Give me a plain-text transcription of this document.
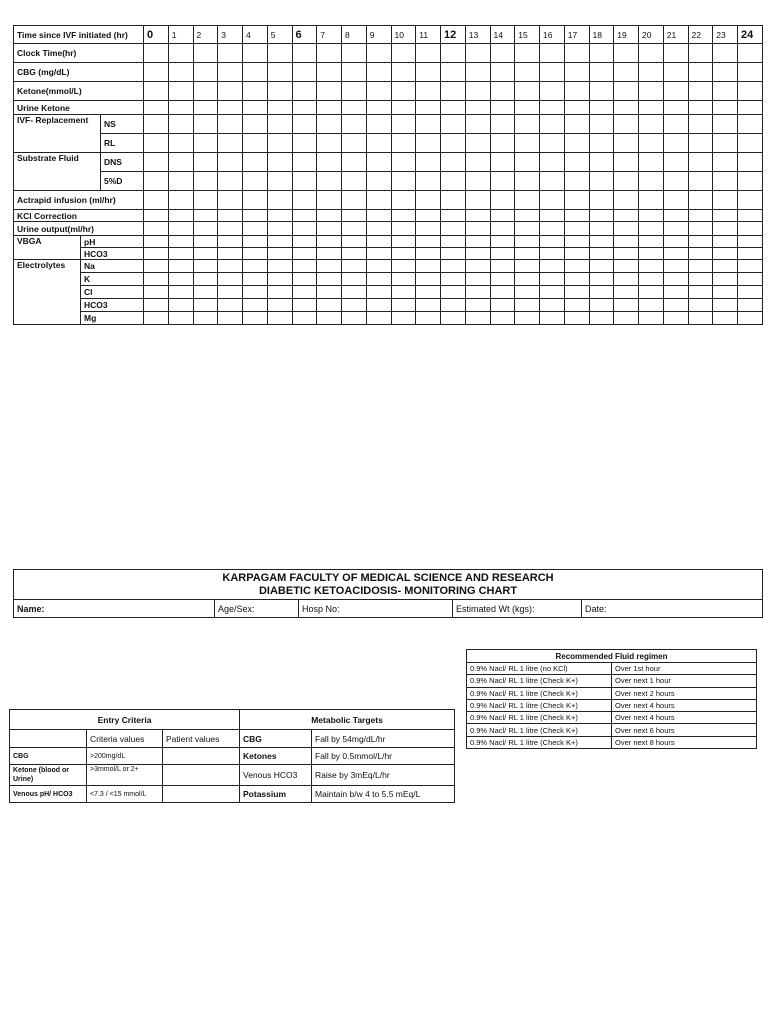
Time since IVF initiated (hr)			0	1	2	3	4	5	6	7	8	9	10	11	12	13	14	15	16	17	18	19	20	21	22	23	24
Clock Time(hr)																											
CBG (mg/dL)																											
Ketone(mmol/L)																											
Urine Ketone																											
IVF- Replacement		NS																									
		RL																									
Substrate Fluid		DNS																									
		5%D																									
Actrapid infusion (ml/hr)																											
KCl Correction																											
Urine output(ml/hr)																											
VBGA	pH																										
	HCO3																										
Electrolytes	Na																										
	K																										
	Cl																										
	HCO3																										
	Mg																										
KARPAGAM FACULTY OF MEDICAL SCIENCE AND RESEARCH
DIABETIC KETOACIDOSIS- MONITORING CHART
Name:	Age/Sex:	Hosp No:	Estimated Wt (kgs):	Date:
Recommended Fluid regimen	
0.9% Nacl/ RL 1 litre (no KCl)	Over 1st hour
0.9% Nacl/ RL 1 litre (Check K+)	Over next 1 hour
0.9% Nacl/ RL 1 litre (Check K+)	Over next 2 hours
0.9% Nacl/ RL 1 litre (Check K+)	Over next 4 hours
0.9% Nacl/ RL 1 litre (Check K+)	Over next 4 hours
0.9% Nacl/ RL 1 litre (Check K+)	Over next 6 hours
0.9% Nacl/ RL 1 litre (Check K+)	Over next 8 hours
Entry Criteria			Metabolic Targets	
	Criteria values	Patient values	CBG	Fall by 54mg/dL/hr
CBG	>200mg/dL		Ketones	Fall by 0.5mmol/L/hr
Ketone (blood or Urine)	>3mmol/L or 2+		Venous HCO3	Raise by 3mEq/L/hr
Venous pH/ HCO3	<7.3 / <15 mmol/L		Potassium	Maintain b/w 4 to 5.5 mEq/L
